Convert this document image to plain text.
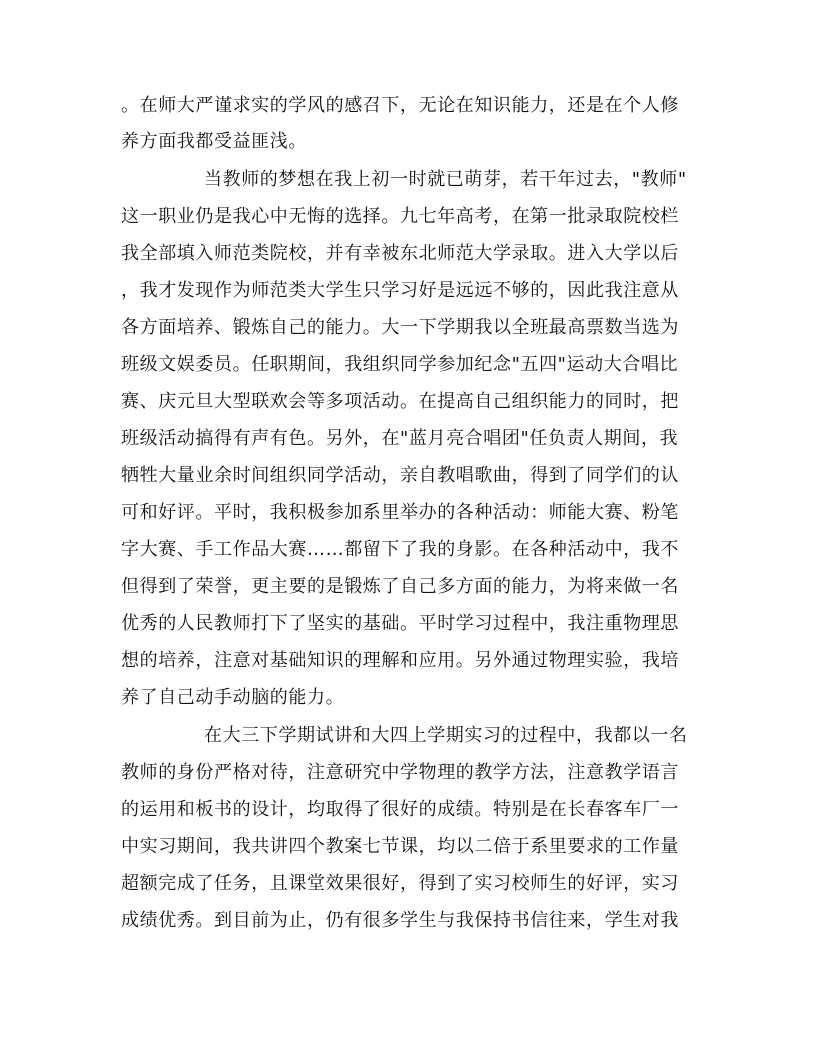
。在师大严谨求实的学风的感召下，无论在知识能力，还是在个人修
养方面我都受益匪浅。
当教师的梦想在我上初一时就已萌芽，若干年过去，"教师"
这一职业仍是我心中无悔的选择。九七年高考，在第一批录取院校栏
我全部填入师范类院校，并有幸被东北师范大学录取。进入大学以后
，我才发现作为师范类大学生只学习好是远远不够的，因此我注意从
各方面培养、锻炼自己的能力。大一下学期我以全班最高票数当选为
班级文娱委员。任职期间，我组织同学参加纪念"五四"运动大合唱比
赛、庆元旦大型联欢会等多项活动。在提高自己组织能力的同时，把
班级活动搞得有声有色。另外，在"蓝月亮合唱团"任负责人期间，我
牺牲大量业余时间组织同学活动，亲自教唱歌曲，得到了同学们的认
可和好评。平时，我积极参加系里举办的各种活动：师能大赛、粉笔
字大赛、手工作品大赛……都留下了我的身影。在各种活动中，我不
但得到了荣誉，更主要的是锻炼了自己多方面的能力，为将来做一名
优秀的人民教师打下了坚实的基础。平时学习过程中，我注重物理思
想的培养，注意对基础知识的理解和应用。另外通过物理实验，我培
养了自己动手动脑的能力。
在大三下学期试讲和大四上学期实习的过程中，我都以一名
教师的身份严格对待，注意研究中学物理的教学方法，注意教学语言
的运用和板书的设计，均取得了很好的成绩。特别是在长春客车厂一
中实习期间，我共讲四个教案七节课，均以二倍于系里要求的工作量
超额完成了任务，且课堂效果很好，得到了实习校师生的好评，实习
成绩优秀。到目前为止，仍有很多学生与我保持书信往来，学生对我
